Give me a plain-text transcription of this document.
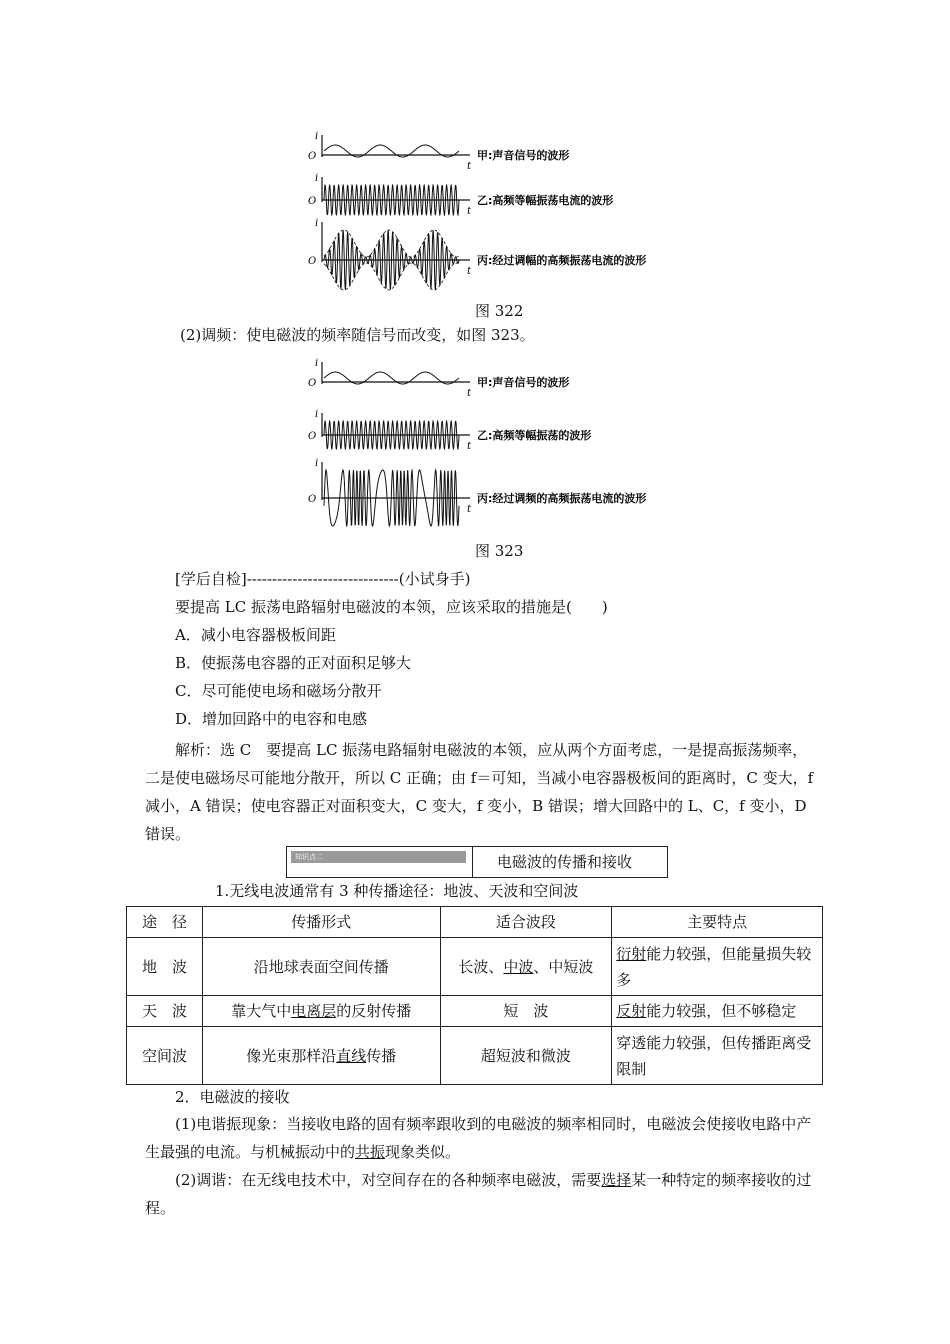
i
O
t
甲:声音信号的波形
i
O
t
乙:高频等幅振荡电流的波形
i
O
t
丙:经过调幅的高频振荡电流的波形
图 322
(2)调频：使电磁波的频率随信号而改变，如图 323。
i
O
t
甲:声音信号的波形
i
O
t
乙:高频等幅振荡的波形
i
O
t
丙:经过调频的高频振荡电流的波形
图 323
[学后自检]------------------------------(小试身手)
要提高 LC 振荡电路辐射电磁波的本领，应该采取的措施是(　　)
A．减小电容器极板间距
B．使振荡电容器的正对面积足够大
C．尽可能使电场和磁场分散开
D．增加回路中的电容和电感
解析：选 C　要提高 LC 振荡电路辐射电磁波的本领，应从两个方面考虑，一是提高振荡频率，二是使电磁场尽可能地分散开，所以 C 正确；由 f＝可知，当减小电容器极板间的距离时，C 变大，f 减小，A 错误；使电容器正对面积变大，C 变大，f 变小，B 错误；增大回路中的 L、C，f 变小，D 错误。
知识点二	电磁波的传播和接收
1.无线电波通常有 3 种传播途径：地波、天波和空间波
途　径	传播形式	适合波段	主要特点
地　波	沿地球表面空间传播	长波、中波、中短波	衍射能力较强，但能量损失较多
天　波	靠大气中电离层的反射传播	短　波	反射能力较强，但不够稳定
空间波	像光束那样沿直线传播	超短波和微波	穿透能力较强，但传播距离受限制
2．电磁波的接收
(1)电谐振现象：当接收电路的固有频率跟收到的电磁波的频率相同时，电磁波会使接收电路中产生最强的电流。与机械振动中的共振现象类似。
(2)调谐：在无线电技术中，对空间存在的各种频率电磁波，需要选择某一种特定的频率接收的过程。
